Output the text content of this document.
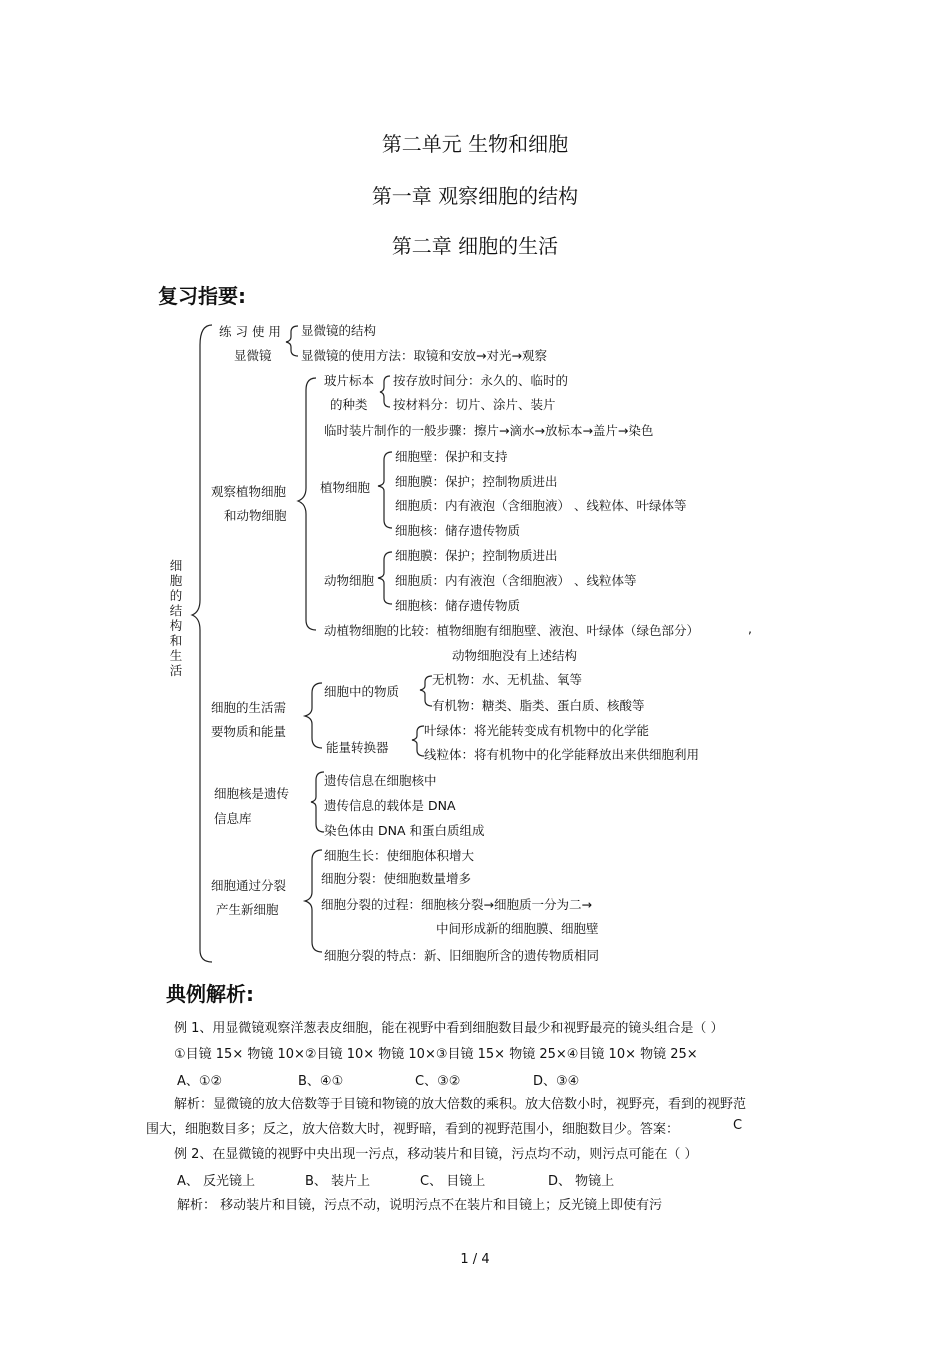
第二单元 生物和细胞
第一章 观察细胞的结构
第二章 细胞的生活
复习指要:
细胞的结构和生活
练 习 使 用
显微镜
显微镜的结构
显微镜的使用方法：取镜和安放→对光→观察
观察植物细胞
和动物细胞
玻片标本
的种类
按存放时间分：永久的、临时的
按材料分：切片、涂片、装片
临时装片制作的一般步骤：擦片→滴水→放标本→盖片→染色
植物细胞
细胞壁：保护和支持
细胞膜：保护；控制物质进出
细胞质：内有液泡（含细胞液） 、线粒体、叶绿体等
细胞核：储存遗传物质
动物细胞
细胞膜：保护；控制物质进出
细胞质：内有液泡（含细胞液） 、线粒体等
细胞核：储存遗传物质
动植物细胞的比较：植物细胞有细胞壁、液泡、叶绿体（绿色部分）	,
动物细胞没有上述结构
细胞的生活需
要物质和能量
细胞中的物质
无机物：水、无机盐、氧等
有机物：糖类、脂类、蛋白质、核酸等
能量转换器
叶绿体：将光能转变成有机物中的化学能
线粒体：将有机物中的化学能释放出来供细胞利用
细胞核是遗传
信息库
遗传信息在细胞核中
遗传信息的载体是 DNA
染色体由 DNA 和蛋白质组成
细胞通过分裂
产生新细胞
细胞生长：使细胞体积增大
细胞分裂：使细胞数量增多
细胞分裂的过程：细胞核分裂→细胞质一分为二→
中间形成新的细胞膜、细胞壁
细胞分裂的特点：新、旧细胞所含的遗传物质相同
典例解析:
例 1、用显微镜观察洋葱表皮细胞，能在视野中看到细胞数目最少和视野最亮的镜头组合是（ ）
①目镜 15× 物镜 10×②目镜 10× 物镜 10×③目镜 15× 物镜 25×④目镜 10× 物镜 25×
A、①②	B、④①	C、③②	D、③④
解析：显微镜的放大倍数等于目镜和物镜的放大倍数的乘积。放大倍数小时，视野亮，看到的视野范
围大，细胞数目多；反之，放大倍数大时，视野暗，看到的视野范围小，细胞数目少。答案：	C
例 2、在显微镜的视野中央出现一污点，移动装片和目镜，污点均不动，则污点可能在（ ）
A、 反光镜上	B、 装片上	C、 目镜上	D、 物镜上
解析： 移动装片和目镜，污点不动，说明污点不在装片和目镜上；反光镜上即使有污
1 / 4
